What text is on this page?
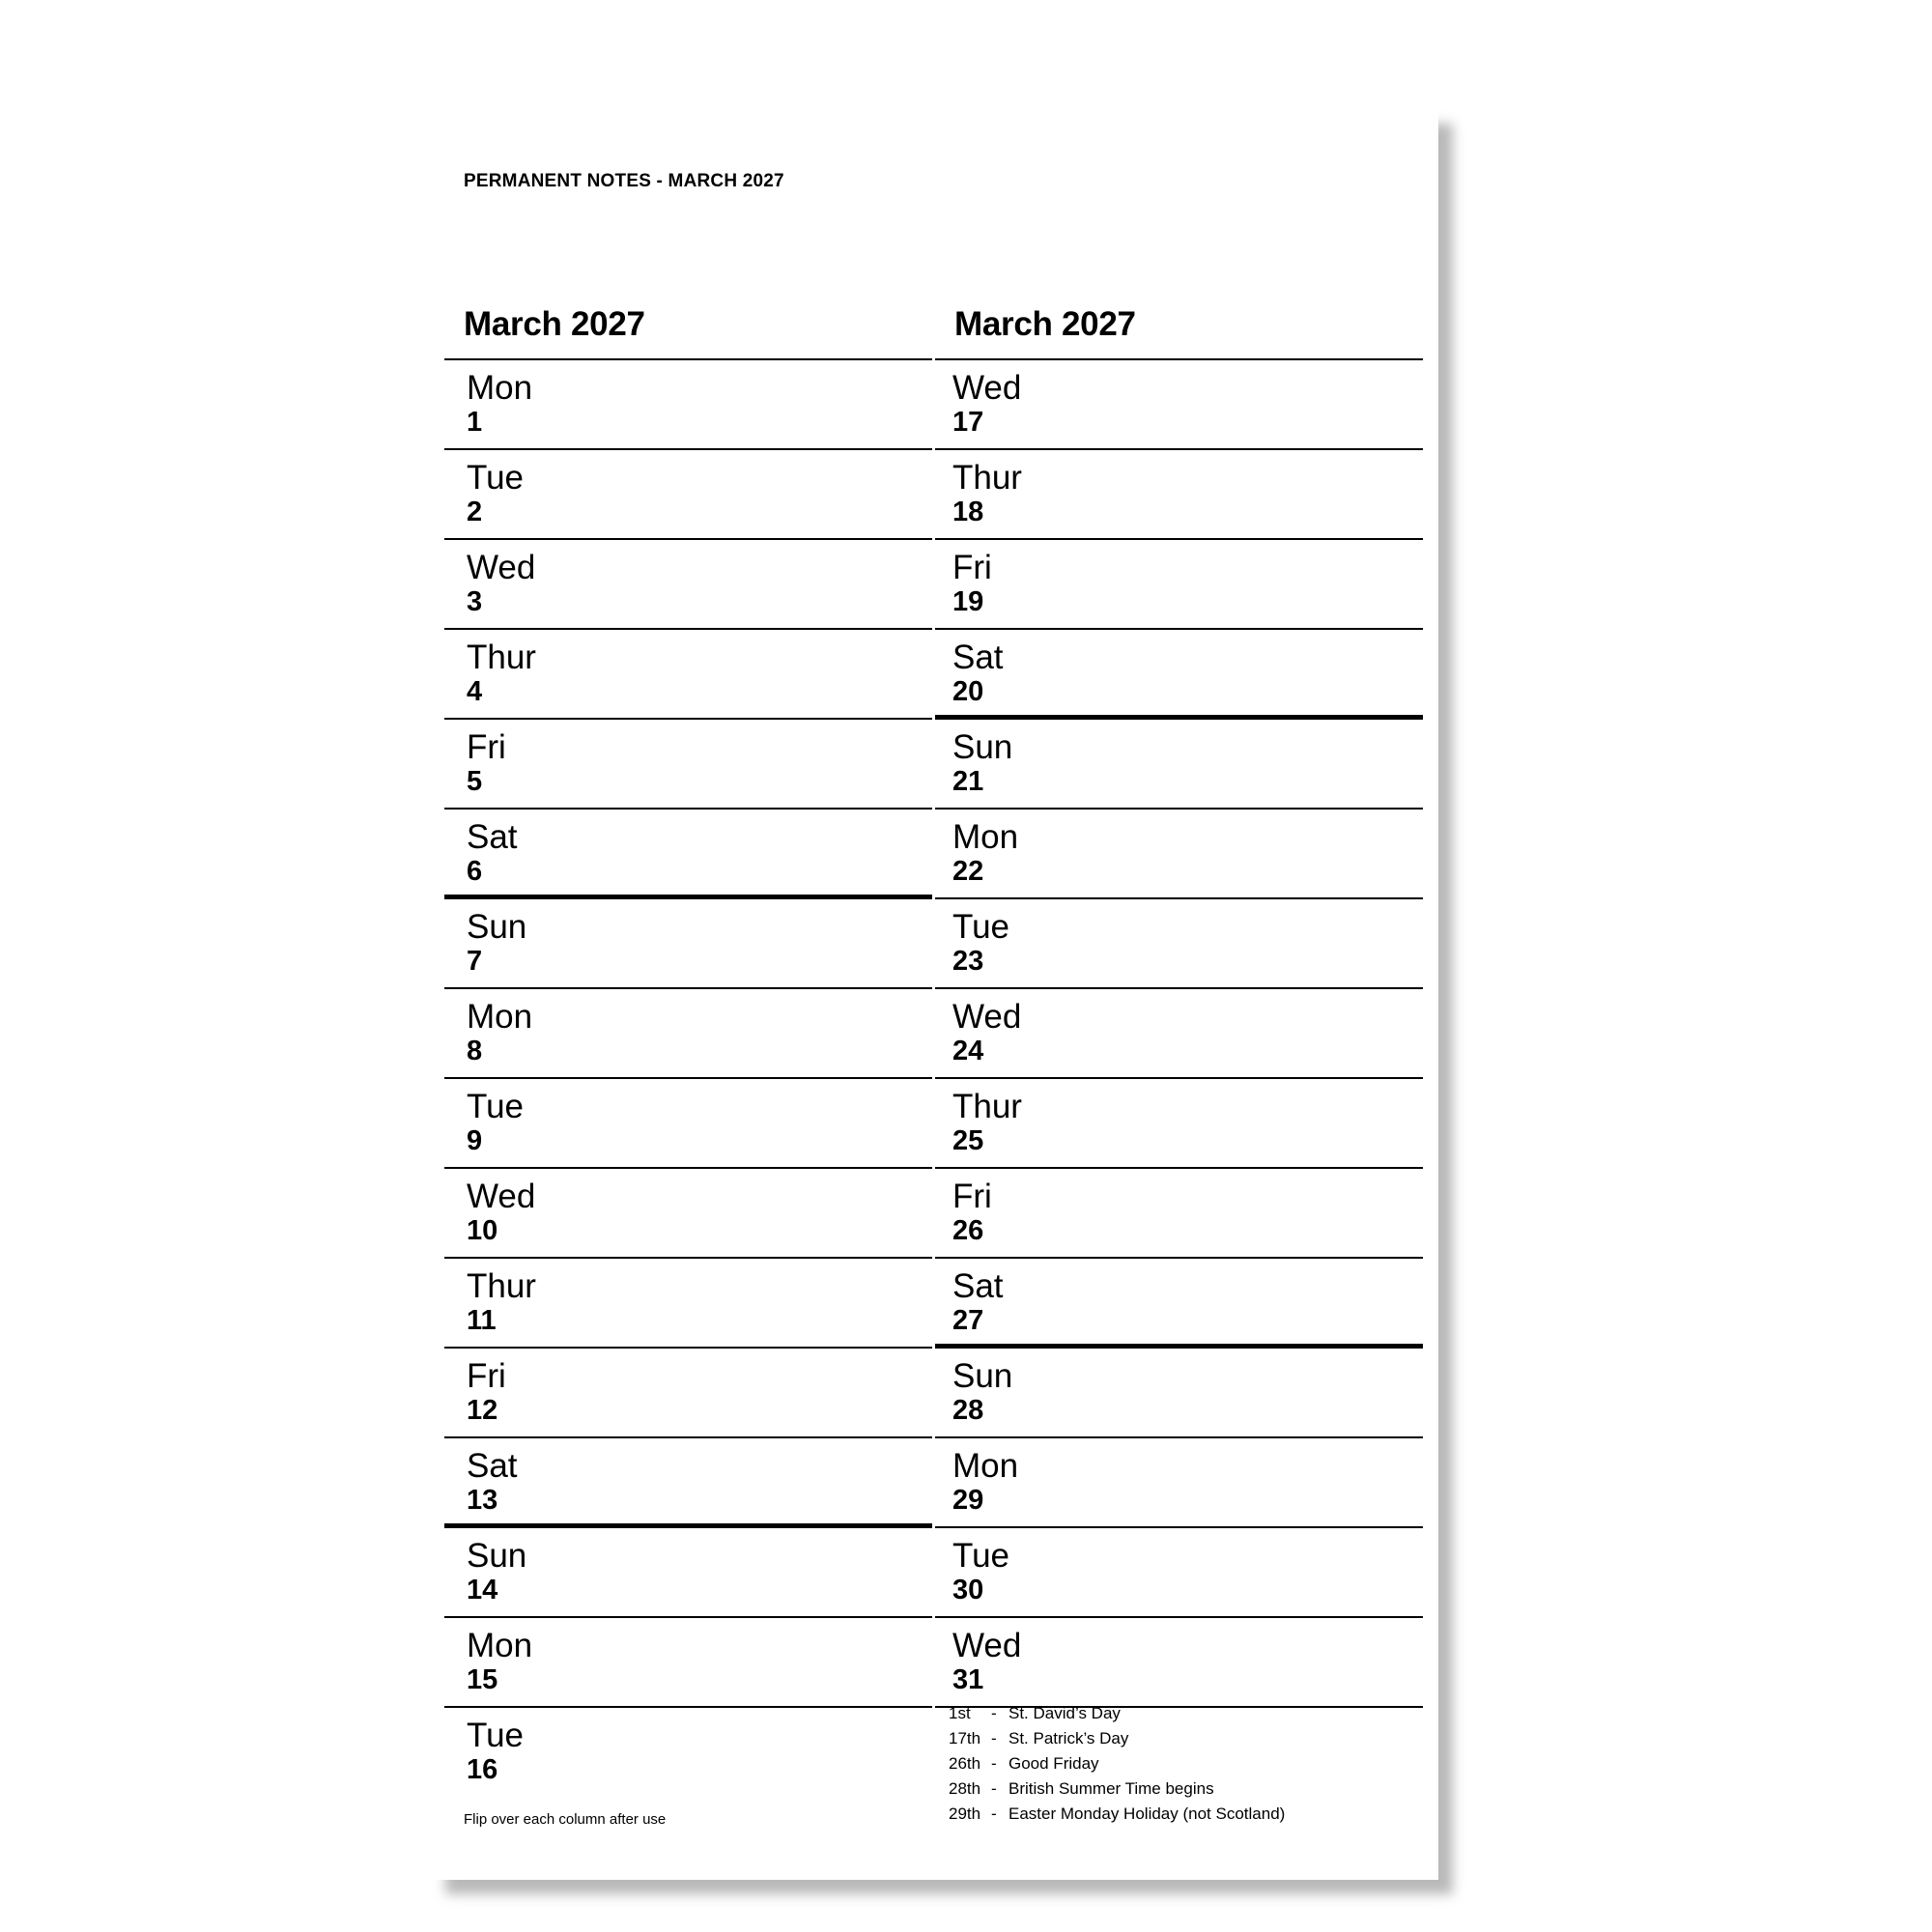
PERMANENT NOTES - MARCH 2027
March 2027
Mon
1
Tue
2
Wed
3
Thur
4
Fri
5
Sat
6
Sun
7
Mon
8
Tue
9
Wed
10
Thur
11
Fri
12
Sat
13
Sun
14
Mon
15
Tue
16
March 2027
Wed
17
Thur
18
Fri
19
Sat
20
Sun
21
Mon
22
Tue
23
Wed
24
Thur
25
Fri
26
Sat
27
Sun
28
Mon
29
Tue
30
Wed
31
1st	- St. David’s Day
17th - St. Patrick’s Day
26th - Good Friday
28th - British Summer Time begins
29th - Easter Monday Holiday (not Scotland)
Flip over each column after use
